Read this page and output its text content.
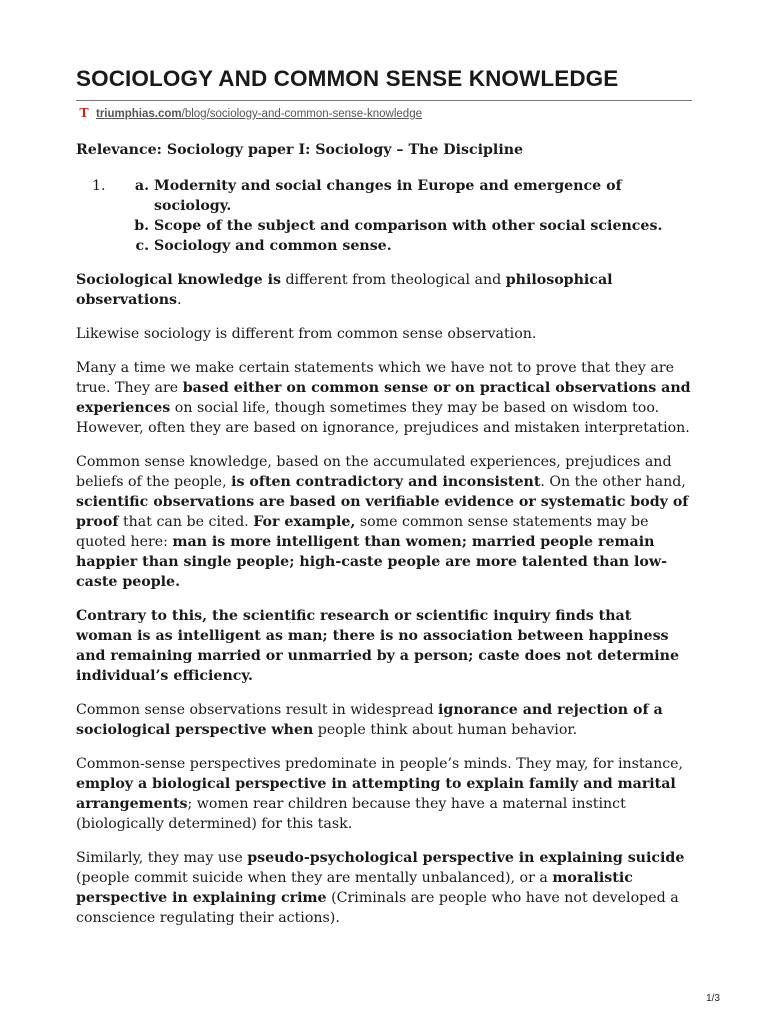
SOCIOLOGY AND COMMON SENSE KNOWLEDGE
T triumphias.com/blog/sociology-and-common-sense-knowledge

Relevance: Sociology paper I: Sociology – The Discipline

a. 1. Modernity and social changes in Europe and emergence of sociology.
b. Scope of the subject and comparison with other social sciences.
c. Sociology and common sense.

Sociological knowledge is different from theological and philosophical observations.

Likewise sociology is different from common sense observation.

Many a time we make certain statements which we have not to prove that they are true. They are based either on common sense or on practical observations and experiences on social life, though sometimes they may be based on wisdom too. However, often they are based on ignorance, prejudices and mistaken interpretation.

Common sense knowledge, based on the accumulated experiences, prejudices and beliefs of the people, is often contradictory and inconsistent. On the other hand, scientific observations are based on verifiable evidence or systematic body of proof that can be cited. For example, some common sense statements may be quoted here: man is more intelligent than women; married people remain happier than single people; high-caste people are more talented than low-caste people.

Contrary to this, the scientific research or scientific inquiry finds that woman is as intelligent as man; there is no association between happiness and remaining married or unmarried by a person; caste does not determine individual’s efficiency.

Common sense observations result in widespread ignorance and rejection of a sociological perspective when people think about human behavior.

Common-sense perspectives predominate in people’s minds. They may, for instance, employ a biological perspective in attempting to explain family and marital arrangements; women rear children because they have a maternal instinct (biologically determined) for this task.

Similarly, they may use pseudo-psychological perspective in explaining suicide (people commit suicide when they are mentally unbalanced), or a moralistic perspective in explaining crime (Criminals are people who have not developed a conscience regulating their actions).

1/3
